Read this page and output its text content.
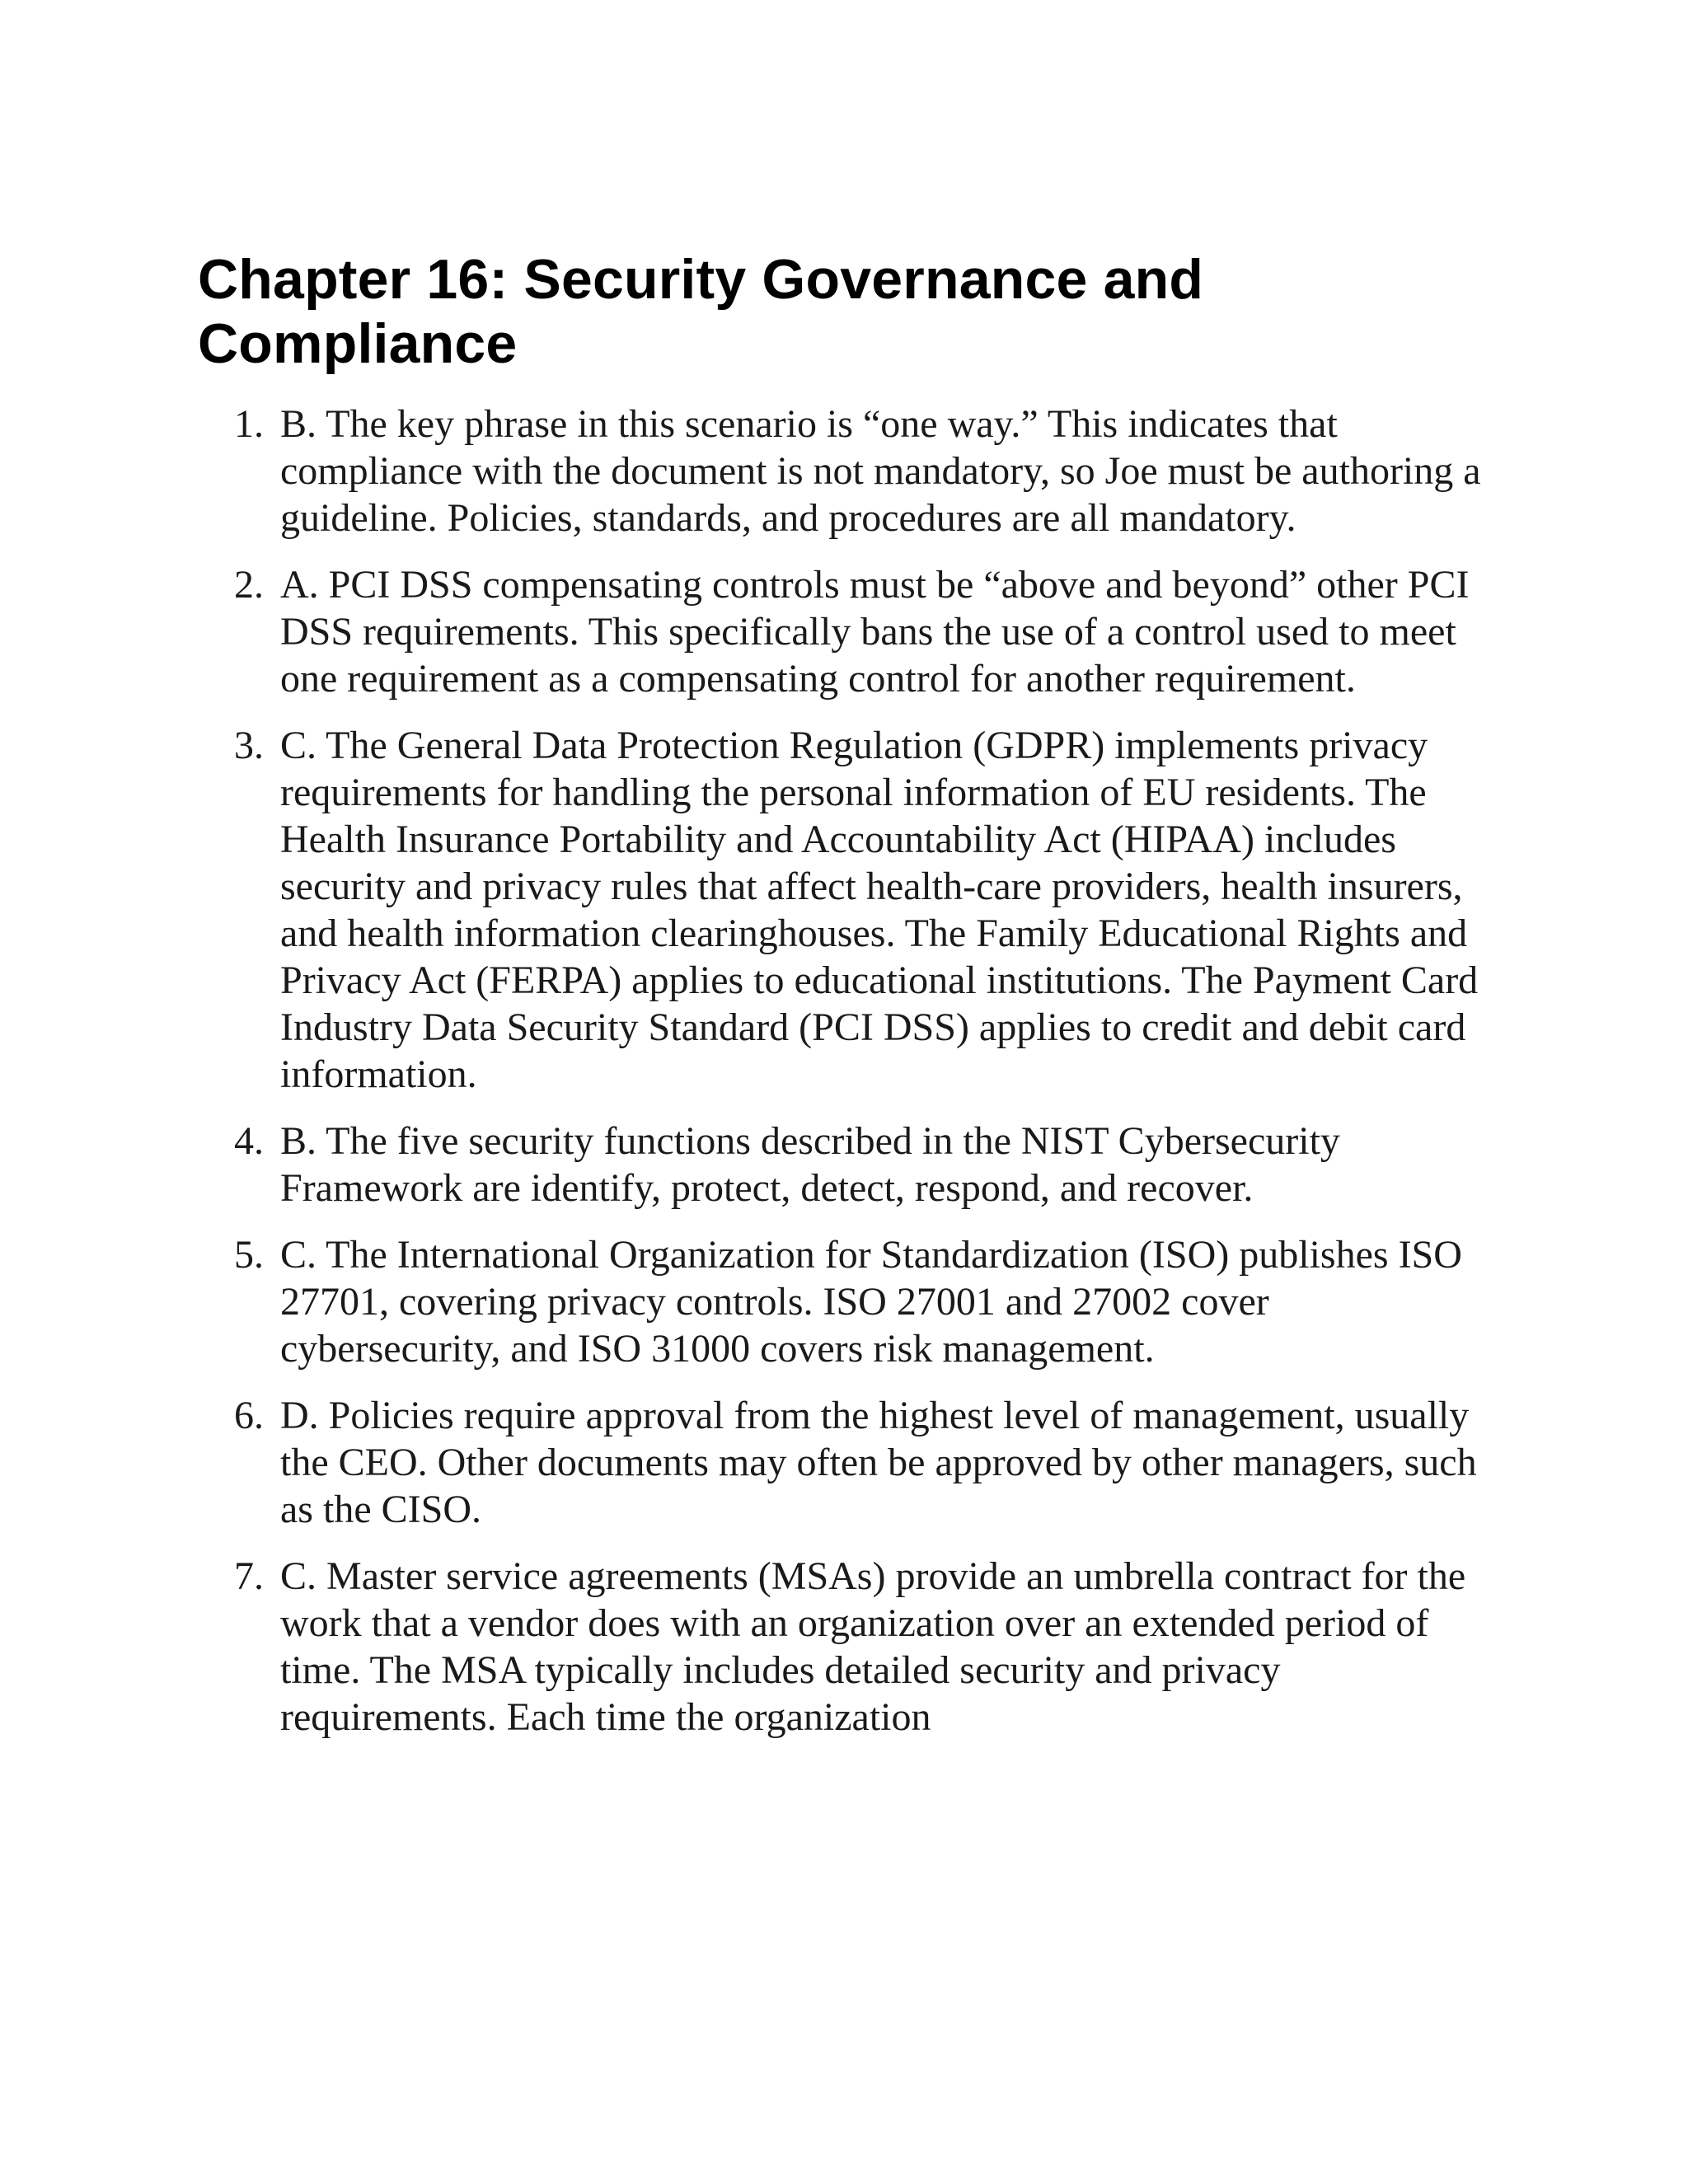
Chapter 16: Security Governance and Compliance
1. B. The key phrase in this scenario is “one way.” This indicates that compliance with the document is not mandatory, so Joe must be authoring a guideline. Policies, standards, and procedures are all mandatory.
2. A. PCI DSS compensating controls must be “above and beyond” other PCI DSS requirements. This specifically bans the use of a control used to meet one requirement as a compensating control for another requirement.
3. C. The General Data Protection Regulation (GDPR) implements privacy requirements for handling the personal information of EU residents. The Health Insurance Portability and Accountability Act (HIPAA) includes security and privacy rules that affect health-care providers, health insurers, and health information clearinghouses. The Family Educational Rights and Privacy Act (FERPA) applies to educational institutions. The Payment Card Industry Data Security Standard (PCI DSS) applies to credit and debit card information.
4. B. The five security functions described in the NIST Cybersecurity Framework are identify, protect, detect, respond, and recover.
5. C. The International Organization for Standardization (ISO) publishes ISO 27701, covering privacy controls. ISO 27001 and 27002 cover cybersecurity, and ISO 31000 covers risk management.
6. D. Policies require approval from the highest level of management, usually the CEO. Other documents may often be approved by other managers, such as the CISO.
7. C. Master service agreements (MSAs) provide an umbrella contract for the work that a vendor does with an organization over an extended period of time. The MSA typically includes detailed security and privacy requirements. Each time the organization
